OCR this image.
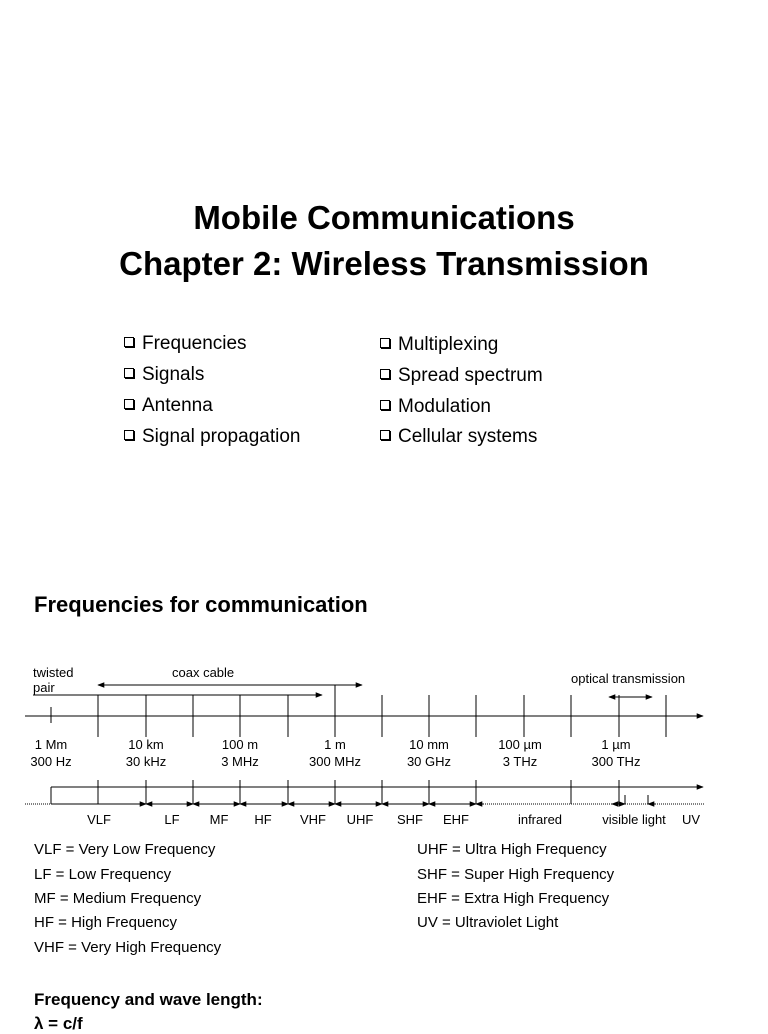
Mobile Communications
Chapter 2: Wireless Transmission
Frequencies
Signals
Antenna
Signal propagation
Multiplexing
Spread spectrum
Modulation
Cellular systems
Frequencies for communication
twisted
pair
coax cable	optical transmission
1 Mm	10 km	100 m	1 m	10 mm	100 µm	1 µm
300 Hz	30 kHz	3 MHz	300 MHz	30 GHz	3 THz	300 THz
VLF	LF MF HF VHF UHF SHF EHF	infrared	visible light UV
VLF = Very Low Frequency
LF = Low Frequency
MF = Medium Frequency
HF = High Frequency
VHF = Very High Frequency
UHF = Ultra High Frequency
SHF = Super High Frequency
EHF = Extra High Frequency
UV = Ultraviolet Light
Frequency and wave length:
λ = c/f
